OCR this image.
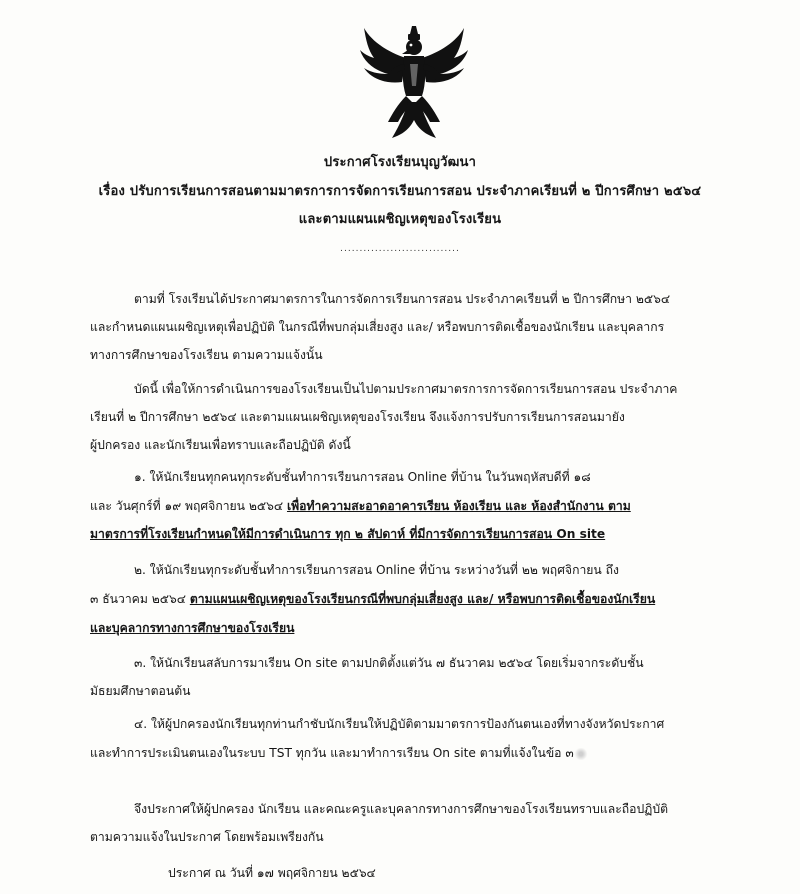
ประกาศโรงเรียนบุญวัฒนา
เรื่อง ปรับการเรียนการสอนตามมาตรการการจัดการเรียนการสอน ประจำภาคเรียนที่ ๒ ปีการศึกษา ๒๕๖๔
และตามแผนเผชิญเหตุของโรงเรียน
...............................
ตามที่ โรงเรียนได้ประกาศมาตรการในการจัดการเรียนการสอน ประจำภาคเรียนที่ ๒ ปีการศึกษา ๒๕๖๔
และกำหนดแผนเผชิญเหตุเพื่อปฏิบัติ ในกรณีที่พบกลุ่มเสี่ยงสูง และ/ หรือพบการติดเชื้อของนักเรียน และบุคลากร
ทางการศึกษาของโรงเรียน ตามความแจ้งนั้น
บัดนี้ เพื่อให้การดำเนินการของโรงเรียนเป็นไปตามประกาศมาตรการการจัดการเรียนการสอน ประจำภาค
เรียนที่ ๒ ปีการศึกษา ๒๕๖๔ และตามแผนเผชิญเหตุของโรงเรียน จึงแจ้งการปรับการเรียนการสอนมายัง
ผู้ปกครอง และนักเรียนเพื่อทราบและถือปฏิบัติ ดังนี้
๑. ให้นักเรียนทุกคนทุกระดับชั้นทำการเรียนการสอน Online ที่บ้าน ในวันพฤหัสบดีที่ ๑๘
และ วันศุกร์ที่ ๑๙ พฤศจิกายน ๒๕๖๔ เพื่อทำความสะอาดอาคารเรียน ห้องเรียน และ ห้องสำนักงาน ตาม
มาตรการที่โรงเรียนกำหนดให้มีการดำเนินการ ทุก ๒ สัปดาห์ ที่มีการจัดการเรียนการสอน On site
๒. ให้นักเรียนทุกระดับชั้นทำการเรียนการสอน Online ที่บ้าน ระหว่างวันที่ ๒๒ พฤศจิกายน ถึง
๓ ธันวาคม ๒๕๖๔ ตามแผนเผชิญเหตุของโรงเรียนกรณีที่พบกลุ่มเสี่ยงสูง และ/ หรือพบการติดเชื้อของนักเรียน
และบุคลากรทางการศึกษาของโรงเรียน
๓. ให้นักเรียนสลับการมาเรียน On site ตามปกติตั้งแต่วัน ๗ ธันวาคม ๒๕๖๔ โดยเริ่มจากระดับชั้น
มัธยมศึกษาตอนต้น
๔. ให้ผู้ปกครองนักเรียนทุกท่านกำชับนักเรียนให้ปฏิบัติตามมาตรการป้องกันตนเองที่ทางจังหวัดประกาศ
และทำการประเมินตนเองในระบบ TST ทุกวัน และมาทำการเรียน On site ตามที่แจ้งในข้อ ๓
จึงประกาศให้ผู้ปกครอง นักเรียน และคณะครูและบุคลากรทางการศึกษาของโรงเรียนทราบและถือปฏิบัติ
ตามความแจ้งในประกาศ โดยพร้อมเพรียงกัน
ประกาศ ณ วันที่ ๑๗ พฤศจิกายน ๒๕๖๔
